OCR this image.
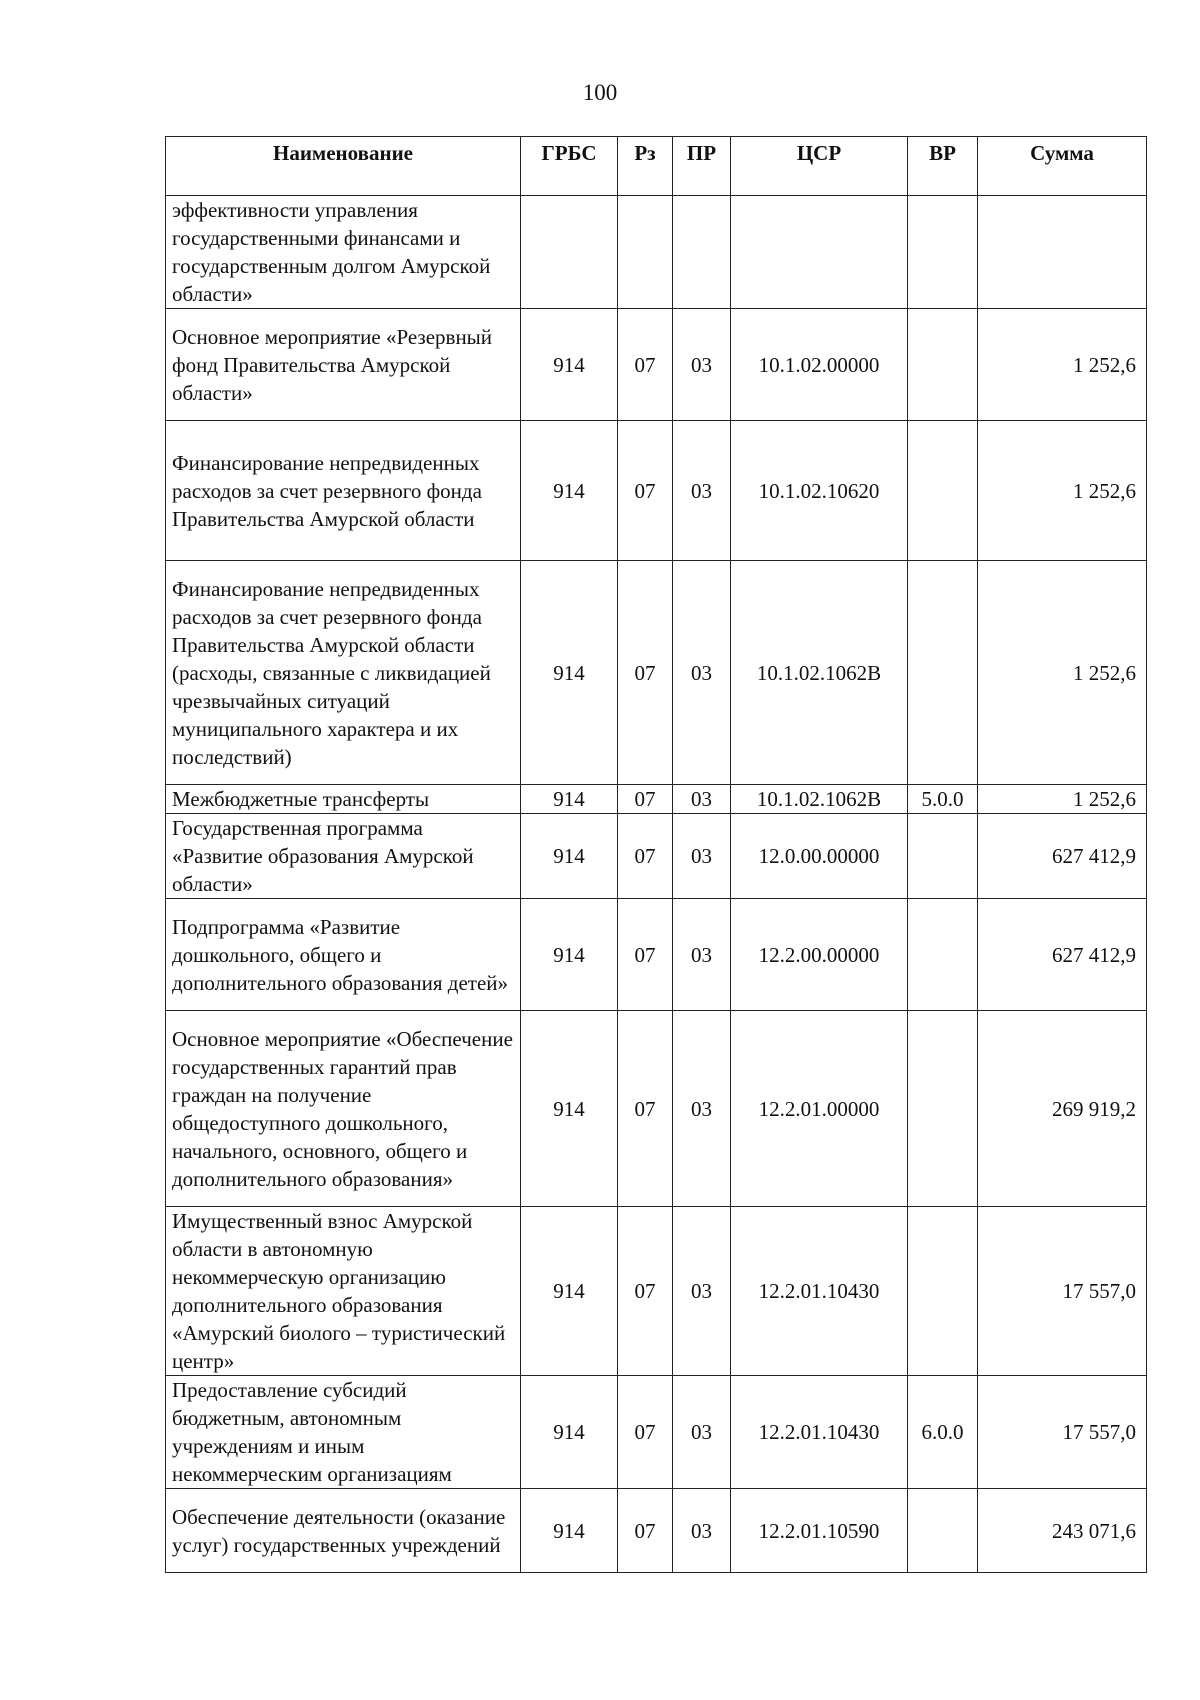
100
Наименование	ГРБС	Рз	ПР	ЦСР	ВР	Сумма
эффективности управления государственными финансами и государственным долгом Амурской области»						
Основное мероприятие «Резервный фонд Правительства Амурской области»	914	07	03	10.1.02.00000		1 252,6
Финансирование непредвиденных расходов за счет резервного фонда Правительства Амурской области	914	07	03	10.1.02.10620		1 252,6
Финансирование непредвиденных расходов за счет резервного фонда Правительства Амурской области (расходы, связанные с ликвидацией чрезвычайных ситуаций муниципального характера и их последствий)	914	07	03	10.1.02.1062В		1 252,6
Межбюджетные трансферты	914	07	03	10.1.02.1062В	5.0.0	1 252,6
Государственная программа «Развитие образования Амурской области»	914	07	03	12.0.00.00000		627 412,9
Подпрограмма «Развитие дошкольного, общего и дополнительного образования детей»	914	07	03	12.2.00.00000		627 412,9
Основное мероприятие «Обеспечение государственных гарантий прав граждан на получение общедоступного дошкольного, начального, основного, общего и дополнительного образования»	914	07	03	12.2.01.00000		269 919,2
Имущественный взнос Амурской области в автономную некоммерческую организацию дополнительного образования «Амурский биолого – туристический центр»	914	07	03	12.2.01.10430		17 557,0
Предоставление субсидий бюджетным, автономным учреждениям и иным некоммерческим организациям	914	07	03	12.2.01.10430	6.0.0	17 557,0
Обеспечение деятельности (оказание услуг) государственных учреждений	914	07	03	12.2.01.10590		243 071,6
